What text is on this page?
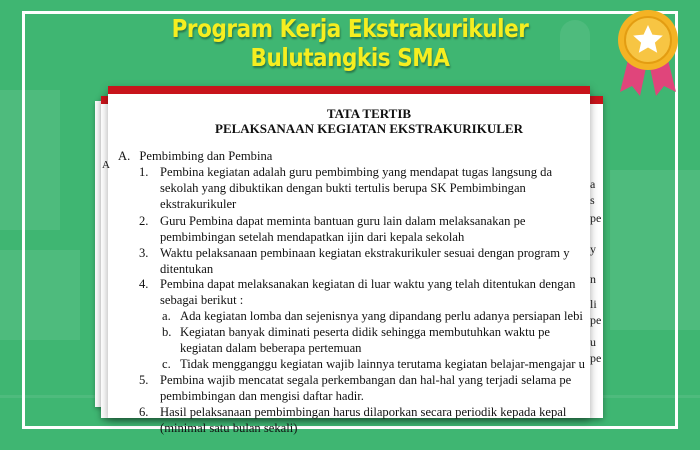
Program Kerja Ekstrakurikuler
Bulutangkis SMA
a
s
pe
y
n
li
pe
u
pe
TATA TERTIB
PELAKSANAAN KEGIATAN EKSTRAKURIKULER
A
A. Pembimbing dan Pembina
1. Pembina kegiatan adalah guru pembimbing yang mendapat tugas langsung da
sekolah yang dibuktikan dengan bukti tertulis berupa SK Pembimbingan
ekstrakurikuler
2. Guru Pembina dapat meminta bantuan guru lain dalam melaksanakan pe
pembimbingan setelah mendapatkan ijin dari kepala sekolah
3. Waktu pelaksanaan pembinaan kegiatan ekstrakurikuler sesuai dengan program y
ditentukan
4. Pembina dapat melaksanakan kegiatan di luar waktu yang telah ditentukan dengan
sebagai berikut :
a. Ada kegiatan lomba dan sejenisnya yang dipandang perlu adanya persiapan lebi
b. Kegiatan banyak diminati peserta didik sehingga membutuhkan waktu pe
kegiatan dalam beberapa pertemuan
c. Tidak mengganggu kegiatan wajib lainnya terutama kegiatan belajar-mengajar u
5. Pembina wajib mencatat segala perkembangan dan hal-hal yang terjadi selama pe
pembimbingan dan mengisi daftar hadir.
6. Hasil pelaksanaan pembimbingan harus dilaporkan secara periodik kepada kepal
(minimal satu bulan sekali)
